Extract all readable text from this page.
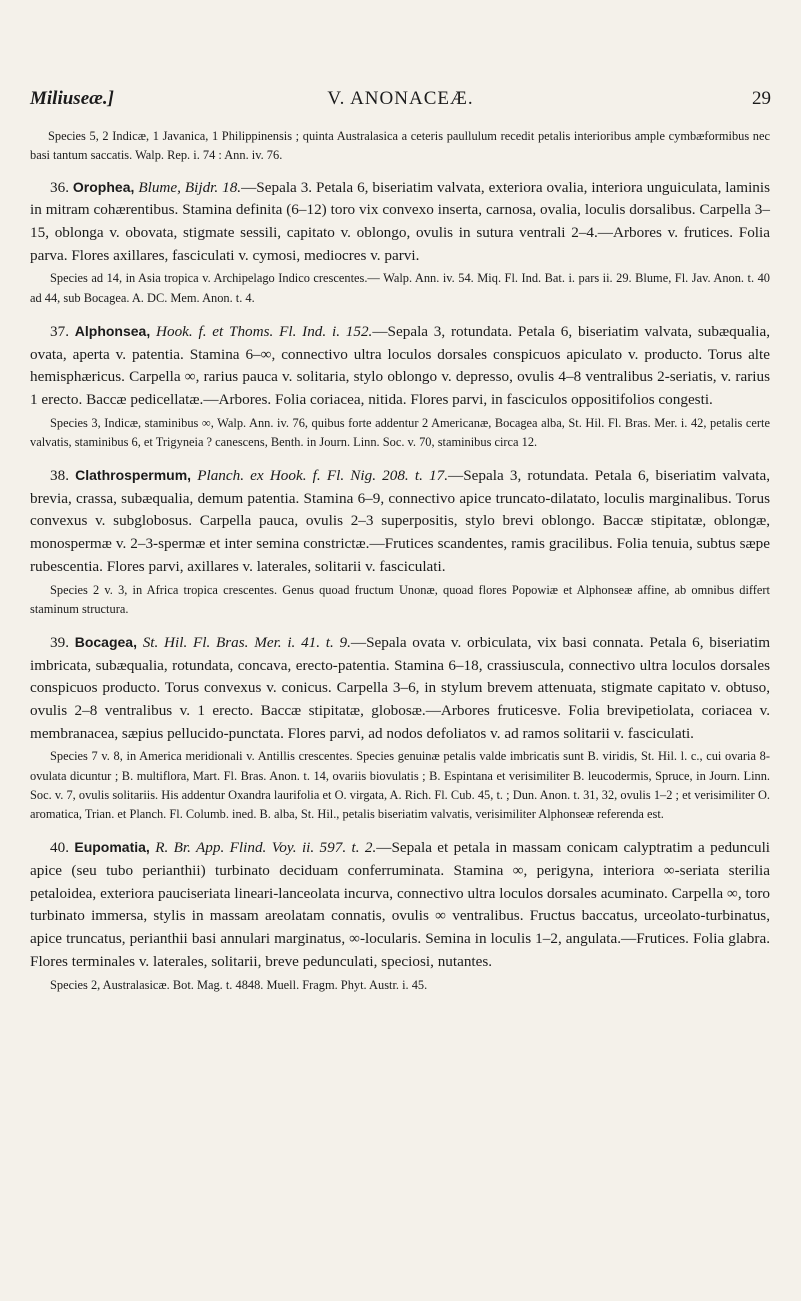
Miliuseæ.]	V. ANONACEÆ.	29

Species 5, 2 Indicæ, 1 Javanica, 1 Philippinensis ; quinta Australasica a ceteris paullulum recedit petalis interioribus ample cymbæformibus nec basi tantum saccatis. Walp. Rep. i. 74 : Ann. iv. 76.

36. Orophea, Blume, Bijdr. 18.—Sepala 3. Petala 6, biseriatim valvata, exteriora ovalia, interiora unguiculata, laminis in mitram cohærentibus. Stamina definita (6–12) toro vix convexo inserta, carnosa, ovalia, loculis dorsalibus. Carpella 3–15, oblonga v. obovata, stigmate sessili, capitato v. oblongo, ovulis in sutura ventrali 2–4.—Arbores v. frutices. Folia parva. Flores axillares, fasciculati v. cymosi, mediocres v. parvi.

Species ad 14, in Asia tropica v. Archipelago Indico crescentes.— Walp. Ann. iv. 54. Miq. Fl. Ind. Bat. i. pars ii. 29. Blume, Fl. Jav. Anon. t. 40 ad 44, sub Bocagea. A. DC. Mem. Anon. t. 4.

37. Alphonsea, Hook. f. et Thoms. Fl. Ind. i. 152.—Sepala 3, rotundata. Petala 6, biseriatim valvata, subæqualia, ovata, aperta v. patentia. Stamina 6–∞, connectivo ultra loculos dorsales conspicuos apiculato v. producto. Torus alte hemisphæricus. Carpella ∞, rarius pauca v. solitaria, stylo oblongo v. depresso, ovulis 4–8 ventralibus 2-seriatis, v. rarius 1 erecto. Baccæ pedicellatæ.—Arbores. Folia coriacea, nitida. Flores parvi, in fasciculos oppositifolios congesti.

Species 3, Indicæ, staminibus ∞, Walp. Ann. iv. 76, quibus forte addentur 2 Americanæ, Bocagea alba, St. Hil. Fl. Bras. Mer. i. 42, petalis certe valvatis, staminibus 6, et Trigyneia ? canescens, Benth. in Journ. Linn. Soc. v. 70, staminibus circa 12.

38. Clathrospermum, Planch. ex Hook. f. Fl. Nig. 208. t. 17.—Sepala 3, rotundata. Petala 6, biseriatim valvata, brevia, crassa, subæqualia, demum patentia. Stamina 6–9, connectivo apice truncato-dilatato, loculis marginalibus. Torus convexus v. subglobosus. Carpella pauca, ovulis 2–3 superpositis, stylo brevi oblongo. Baccæ stipitatæ, oblongæ, monospermæ v. 2–3-spermæ et inter semina constrictæ.—Frutices scandentes, ramis gracilibus. Folia tenuia, subtus sæpe rubescentia. Flores parvi, axillares v. laterales, solitarii v. fasciculati.

Species 2 v. 3, in Africa tropica crescentes. Genus quoad fructum Unonæ, quoad flores Popowiæ et Alphonseæ affine, ab omnibus differt staminum structura.

39. Bocagea, St. Hil. Fl. Bras. Mer. i. 41. t. 9.—Sepala ovata v. orbiculata, vix basi connata. Petala 6, biseriatim imbricata, subæqualia, rotundata, concava, erecto-patentia. Stamina 6–18, crassiuscula, connectivo ultra loculos dorsales conspicuos producto. Torus convexus v. conicus. Carpella 3–6, in stylum brevem attenuata, stigmate capitato v. obtuso, ovulis 2–8 ventralibus v. 1 erecto. Baccæ stipitatæ, globosæ.—Arbores fruticesve. Folia brevipetiolata, coriacea v. membranacea, sæpius pellucido-punctata. Flores parvi, ad nodos defoliatos v. ad ramos solitarii v. fasciculati.

Species 7 v. 8, in America meridionali v. Antillis crescentes. Species genuinæ petalis valde imbricatis sunt B. viridis, St. Hil. l. c., cui ovaria 8-ovulata dicuntur ; B. multiflora, Mart. Fl. Bras. Anon. t. 14, ovariis biovulatis ; B. Espintana et verisimiliter B. leucodermis, Spruce, in Journ. Linn. Soc. v. 7, ovulis solitariis. His addentur Oxandra laurifolia et O. virgata, A. Rich. Fl. Cub. 45, t. ; Dun. Anon. t. 31, 32, ovulis 1–2 ; et verisimiliter O. aromatica, Trian. et Planch. Fl. Columb. ined. B. alba, St. Hil., petalis biseriatim valvatis, verisimiliter Alphonseæ referenda est.

40. Eupomatia, R. Br. App. Flind. Voy. ii. 597. t. 2.—Sepala et petala in massam conicam calyptratim a pedunculi apice (seu tubo perianthii) turbinato deciduam conferruminata. Stamina ∞, perigyna, interiora ∞-seriata sterilia petaloidea, exteriora pauciseriata lineari-lanceolata incurva, connectivo ultra loculos dorsales acuminato. Carpella ∞, toro turbinato immersa, stylis in massam areolatam connatis, ovulis ∞ ventralibus. Fructus baccatus, urceolato-turbinatus, apice truncatus, perianthii basi annulari marginatus, ∞-locularis. Semina in loculis 1–2, angulata.—Frutices. Folia glabra. Flores terminales v. laterales, solitarii, breve pedunculati, speciosi, nutantes.

Species 2, Australasicæ. Bot. Mag. t. 4848. Muell. Fragm. Phyt. Austr. i. 45.
